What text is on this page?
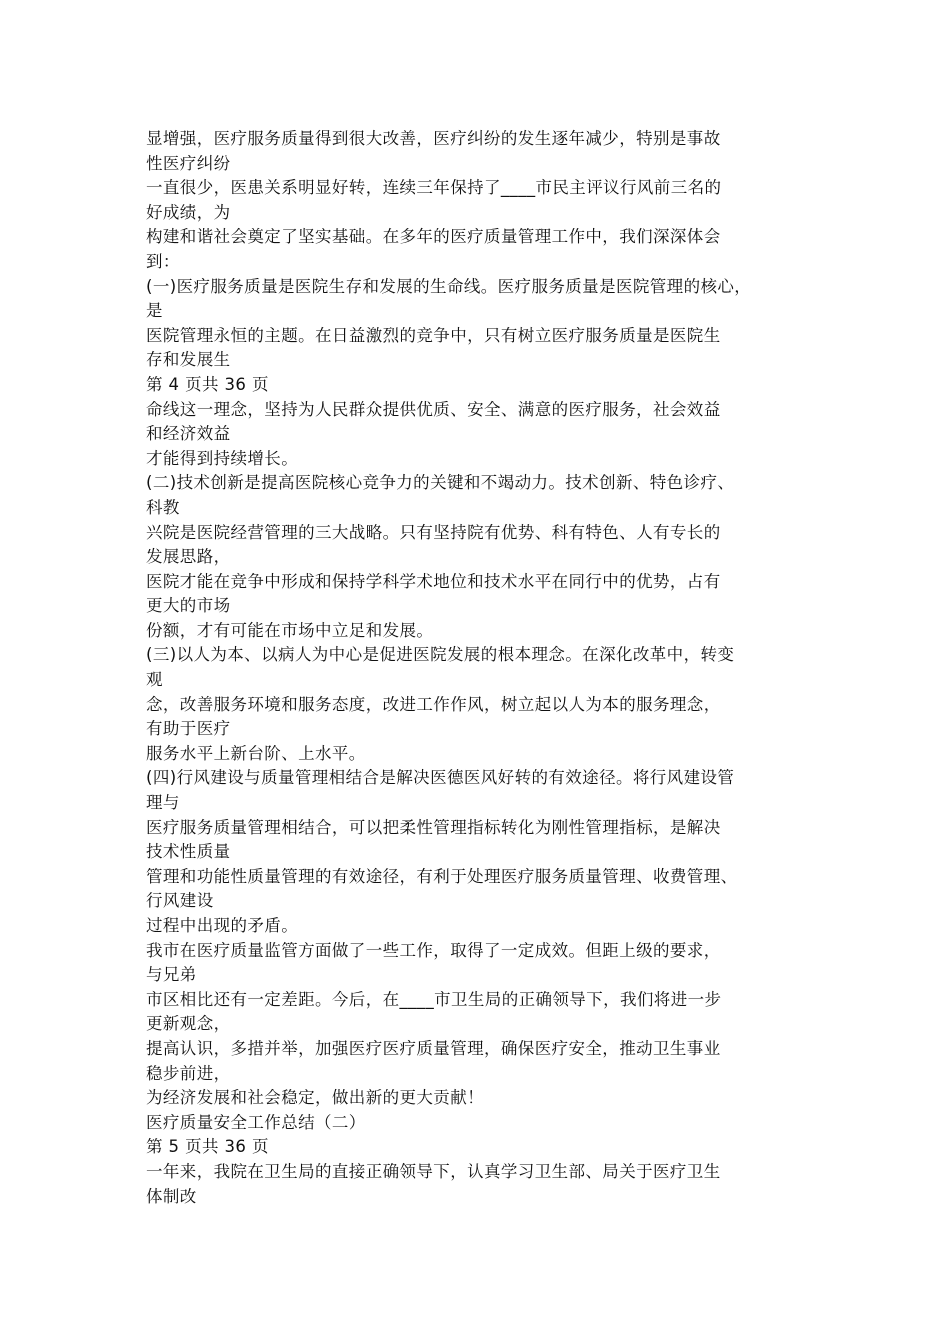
显增强，医疗服务质量得到很大改善，医疗纠纷的发生逐年减少，特别是事故
性医疗纠纷
一直很少，医患关系明显好转，连续三年保持了____市民主评议行风前三名的
好成绩，为
构建和谐社会奠定了坚实基础。在多年的医疗质量管理工作中，我们深深体会
到：
(一)医疗服务质量是医院生存和发展的生命线。医疗服务质量是医院管理的核心，
是
医院管理永恒的主题。在日益激烈的竞争中，只有树立医疗服务质量是医院生
存和发展生
第 4 页共 36 页
命线这一理念，坚持为人民群众提供优质、安全、满意的医疗服务，社会效益
和经济效益
才能得到持续增长。
(二)技术创新是提高医院核心竞争力的关键和不竭动力。技术创新、特色诊疗、
科教
兴院是医院经营管理的三大战略。只有坚持院有优势、科有特色、人有专长的
发展思路，
医院才能在竞争中形成和保持学科学术地位和技术水平在同行中的优势，占有
更大的市场
份额，才有可能在市场中立足和发展。
(三)以人为本、以病人为中心是促进医院发展的根本理念。在深化改革中，转变
观
念，改善服务环境和服务态度，改进工作作风，树立起以人为本的服务理念，
有助于医疗
服务水平上新台阶、上水平。
(四)行风建设与质量管理相结合是解决医德医风好转的有效途径。将行风建设管
理与
医疗服务质量管理相结合，可以把柔性管理指标转化为刚性管理指标，是解决
技术性质量
管理和功能性质量管理的有效途径，有利于处理医疗服务质量管理、收费管理、
行风建设
过程中出现的矛盾。
我市在医疗质量监管方面做了一些工作，取得了一定成效。但距上级的要求，
与兄弟
市区相比还有一定差距。今后，在____市卫生局的正确领导下，我们将进一步
更新观念，
提高认识，多措并举，加强医疗医疗质量管理，确保医疗安全，推动卫生事业
稳步前进，
为经济发展和社会稳定，做出新的更大贡献！
医疗质量安全工作总结（二）
第 5 页共 36 页
一年来，我院在卫生局的直接正确领导下，认真学习卫生部、局关于医疗卫生
体制改
